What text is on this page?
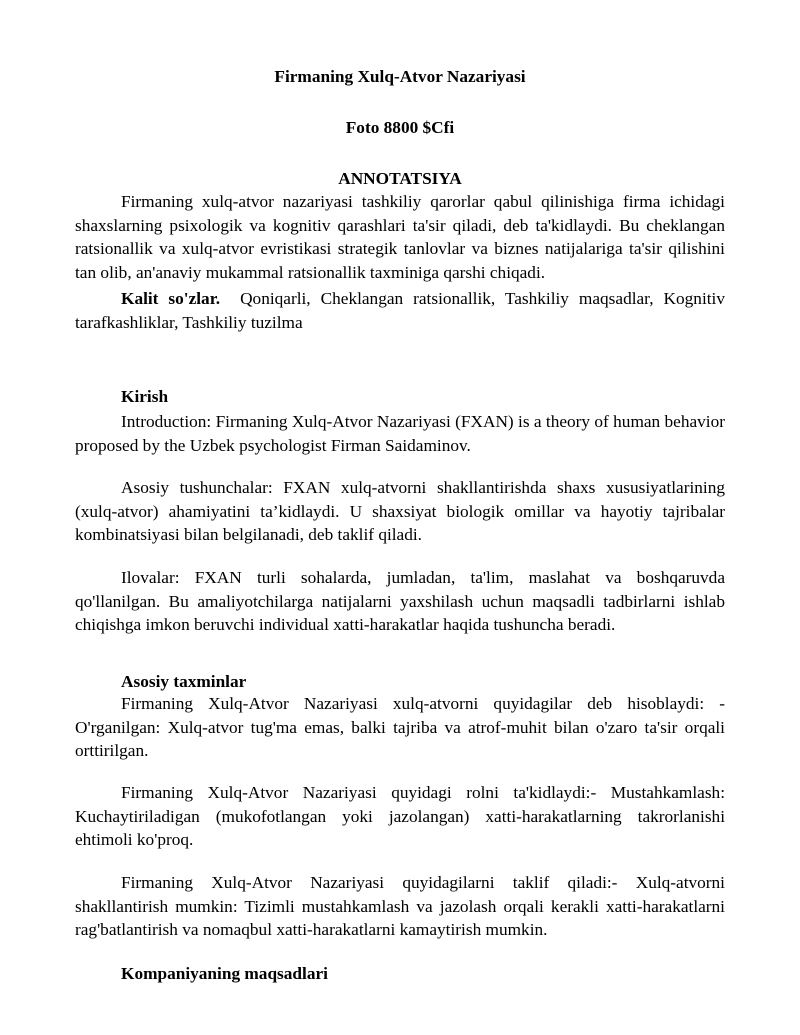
Firmaning Xulq-Atvor Nazariyasi
Foto 8800 $Cfi
ANNOTATSIYA
Firmaning xulq-atvor nazariyasi tashkiliy qarorlar qabul qilinishiga firma ichidagi shaxslarning psixologik va kognitiv qarashlari ta'sir qiladi, deb ta'kidlaydi. Bu cheklangan ratsionallik va xulq-atvor evristikasi strategik tanlovlar va biznes natijalariga ta'sir qilishini tan olib, an'anaviy mukammal ratsionallik taxminiga qarshi chiqadi.
Kalit so'zlar. Qoniqarli, Cheklangan ratsionallik, Tashkiliy maqsadlar, Kognitiv tarafkashliklar, Tashkiliy tuzilma
Kirish
Introduction: Firmaning Xulq-Atvor Nazariyasi (FXAN) is a theory of human behavior proposed by the Uzbek psychologist Firman Saidaminov.
Asosiy tushunchalar: FXAN xulq-atvorni shakllantirishda shaxs xususiyatlarining (xulq-atvor) ahamiyatini ta’kidlaydi. U shaxsiyat biologik omillar va hayotiy tajribalar kombinatsiyasi bilan belgilanadi, deb taklif qiladi.
Ilovalar: FXAN turli sohalarda, jumladan, ta'lim, maslahat va boshqaruvda qo'llanilgan. Bu amaliyotchilarga natijalarni yaxshilash uchun maqsadli tadbirlarni ishlab chiqishga imkon beruvchi individual xatti-harakatlar haqida tushuncha beradi.
Asosiy taxminlar
Firmaning Xulq-Atvor Nazariyasi xulq-atvorni quyidagilar deb hisoblaydi: - O'rganilgan: Xulq-atvor tug'ma emas, balki tajriba va atrof-muhit bilan o'zaro ta'sir orqali orttirilgan.
Firmaning Xulq-Atvor Nazariyasi quyidagi rolni ta'kidlaydi:- Mustahkamlash: Kuchaytiriladigan (mukofotlangan yoki jazolangan) xatti-harakatlarning takrorlanishi ehtimoli ko'proq.
Firmaning Xulq-Atvor Nazariyasi quyidagilarni taklif qiladi:- Xulq-atvorni shakllantirish mumkin: Tizimli mustahkamlash va jazolash orqali kerakli xatti-harakatlarni rag'batlantirish va nomaqbul xatti-harakatlarni kamaytirish mumkin.
Kompaniyaning maqsadlari
